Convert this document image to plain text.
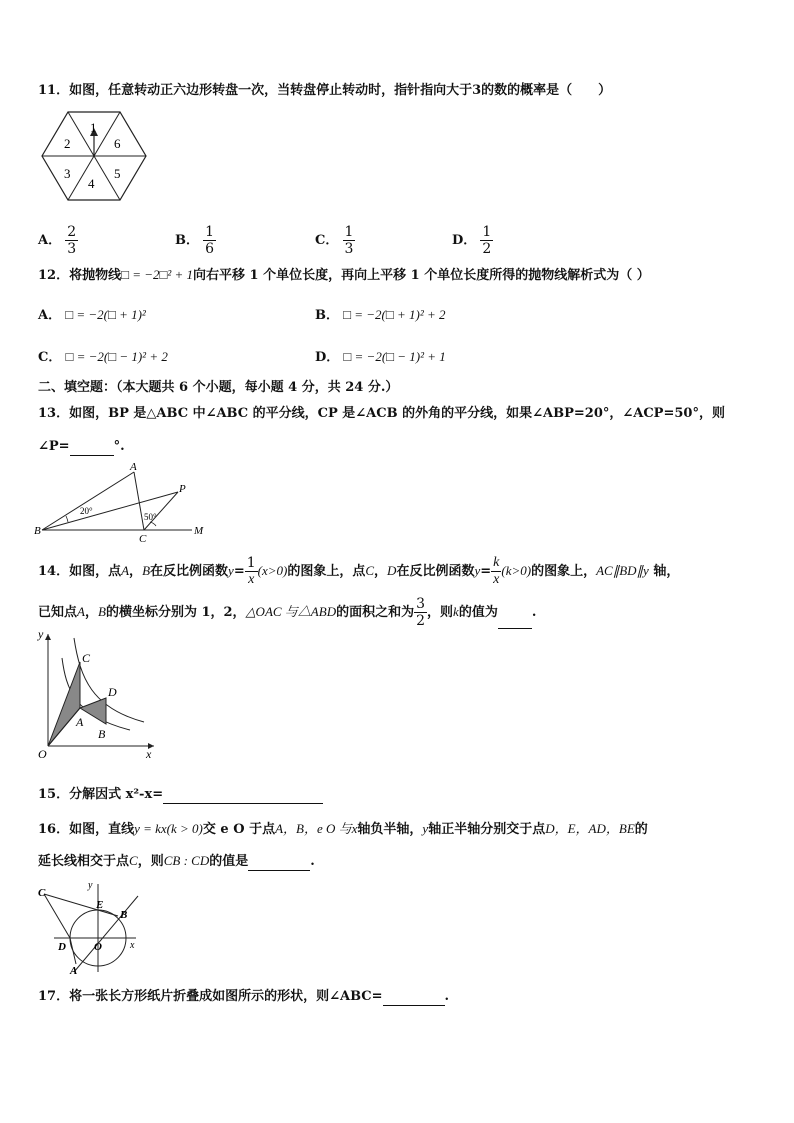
11．如图，任意转动正六边形转盘一次，当转盘停止转动时，指针指向大于3的数的概率是（　　）
1
6
5
4
3
2
A． $\frac{2}{3}$	B． $\frac{1}{6}$	C． $\frac{1}{3}$	D． $\frac{1}{2}$
12．将抛物线□ = −2□² + 1向右平移 1 个单位长度，再向上平移 1 个单位长度所得的抛物线解析式为（ ）
A． □ = −2(□ + 1)²	B． □ = −2(□ + 1)² + 2
C． □ = −2(□ − 1)² + 2	D． □ = −2(□ − 1)² + 1
二、填空题：（本大题共 6 个小题，每小题 4 分，共 24 分.）
13．如图，BP 是△ABC 中∠ABC 的平分线，CP 是∠ACB 的外角的平分线，如果∠ABP=20°，∠ACP=50°，则
∠P=	°.
A
B
C
P
M
20°
50°
14．如图，点A，B在反比例函数$y= \frac{1}{x} (x>0)$的图象上，点C，D在反比例函数$y= \frac{k}{x} (k>0)$的图象上，AC∥BD∥y 轴，
已知点A，B的横坐标分别为 1，2，△OAC 与△ABD的面积之和为 $\frac{3}{2}$ ，则k的值为	.
y
x
O
A
B
C
D
15．分解因式 x²-x=
16．如图，直线y = kx(k > 0)交 e O 于点A，B，e O 与x轴负半轴，y轴正半轴分别交于点D，E，AD，BE的
延长线相交于点C，则CB : CD的值是	.
C
y
E
B
D	O	x
A
17．将一张长方形纸片折叠成如图所示的形状，则∠ABC=	.
